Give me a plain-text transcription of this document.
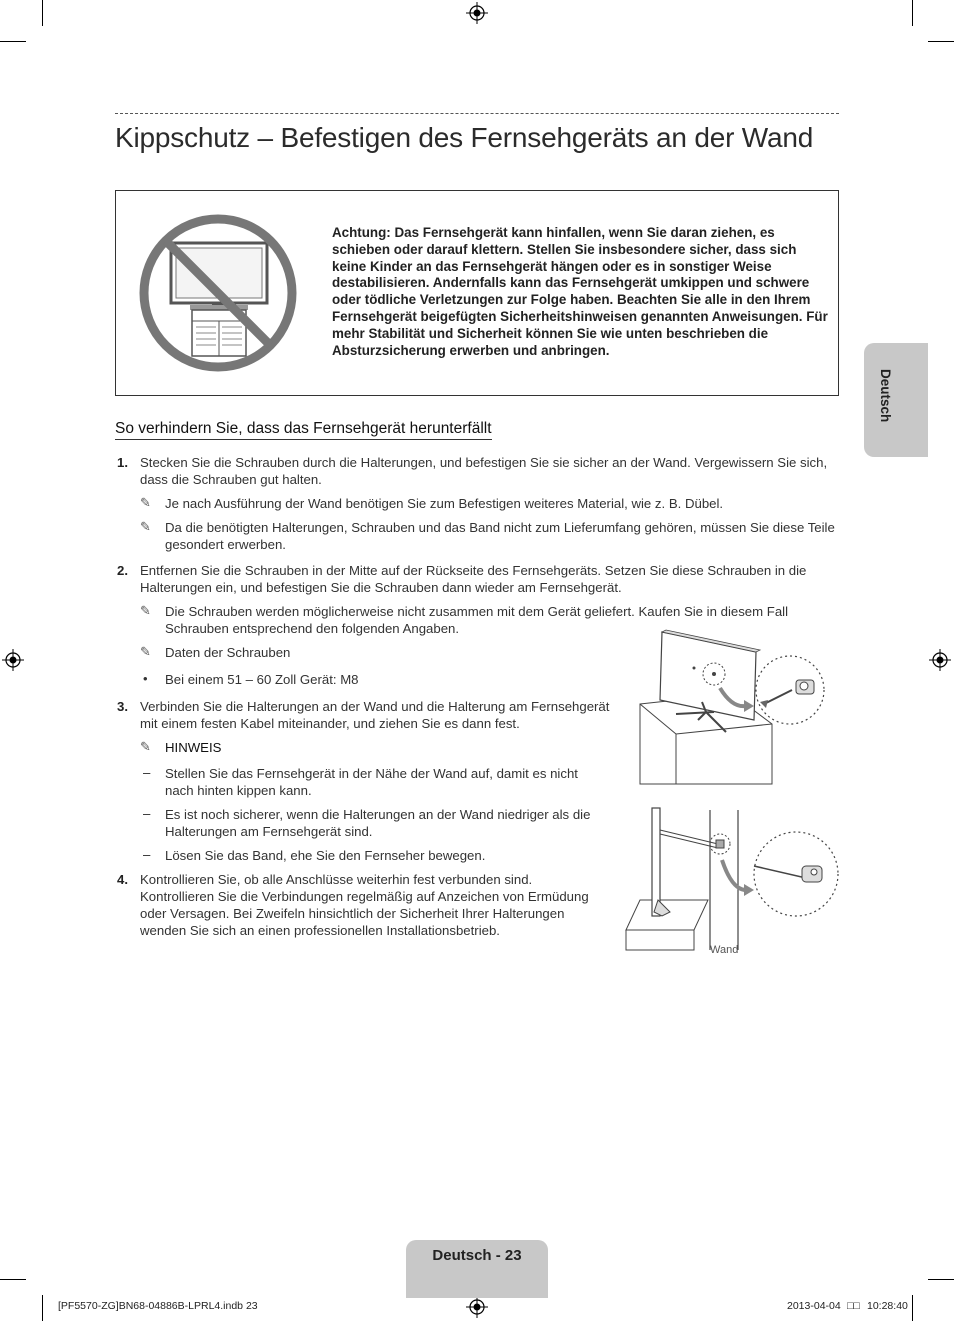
Kippschutz – Befestigen des Fernsehgeräts an der Wand
Achtung: Das Fernsehgerät kann hinfallen, wenn Sie daran ziehen, es schieben oder darauf klettern. Stellen Sie insbesondere sicher, dass sich keine Kinder an das Fernsehgerät hängen oder es in sonstiger Weise destabilisieren. Andernfalls kann das Fernsehgerät umkippen und schwere oder tödliche Verletzungen zur Folge haben. Beachten Sie alle in den Ihrem Fernsehgerät beigefügten Sicherheitshinweisen genannten Anweisungen. Für mehr Stabilität und Sicherheit können Sie wie unten beschrieben die Absturzsicherung erwerben und anbringen.
Deutsch
So verhindern Sie, dass das Fernsehgerät herunterfällt
1. Stecken Sie die Schrauben durch die Halterungen, und befestigen Sie sie sicher an der Wand. Vergewissern Sie sich, dass die Schrauben gut halten.
✎ Je nach Ausführung der Wand benötigen Sie zum Befestigen weiteres Material, wie z. B. Dübel.
✎ Da die benötigten Halterungen, Schrauben und das Band nicht zum Lieferumfang gehören, müssen Sie diese Teile gesondert erwerben.
2. Entfernen Sie die Schrauben in der Mitte auf der Rückseite des Fernsehgeräts. Setzen Sie diese Schrauben in die Halterungen ein, und befestigen Sie die Schrauben dann wieder am Fernsehgerät.
✎ Die Schrauben werden möglicherweise nicht zusammen mit dem Gerät geliefert. Kaufen Sie in diesem Fall Schrauben entsprechend den folgenden Angaben.
✎ Daten der Schrauben
• Bei einem 51 – 60 Zoll Gerät: M8
3. Verbinden Sie die Halterungen an der Wand und die Halterung am Fernsehgerät mit einem festen Kabel miteinander, und ziehen Sie es dann fest.
✎ HINWEIS
– Stellen Sie das Fernsehgerät in der Nähe der Wand auf, damit es nicht nach hinten kippen kann.
– Es ist noch sicherer, wenn die Halterungen an der Wand niedriger als die Halterungen am Fernsehgerät sind.
– Lösen Sie das Band, ehe Sie den Fernseher bewegen.
4. Kontrollieren Sie, ob alle Anschlüsse weiterhin fest verbunden sind. Kontrollieren Sie die Verbindungen regelmäßig auf Anzeichen von Ermüdung oder Versagen. Bei Zweifeln hinsichtlich der Sicherheit Ihrer Halterungen wenden Sie sich an einen professionellen Installationsbetrieb.
Wand
Deutsch - 23
[PF5570-ZG]BN68-04886B-LPRL4.indb 23	2013-04-04 □□ 10:28:40
